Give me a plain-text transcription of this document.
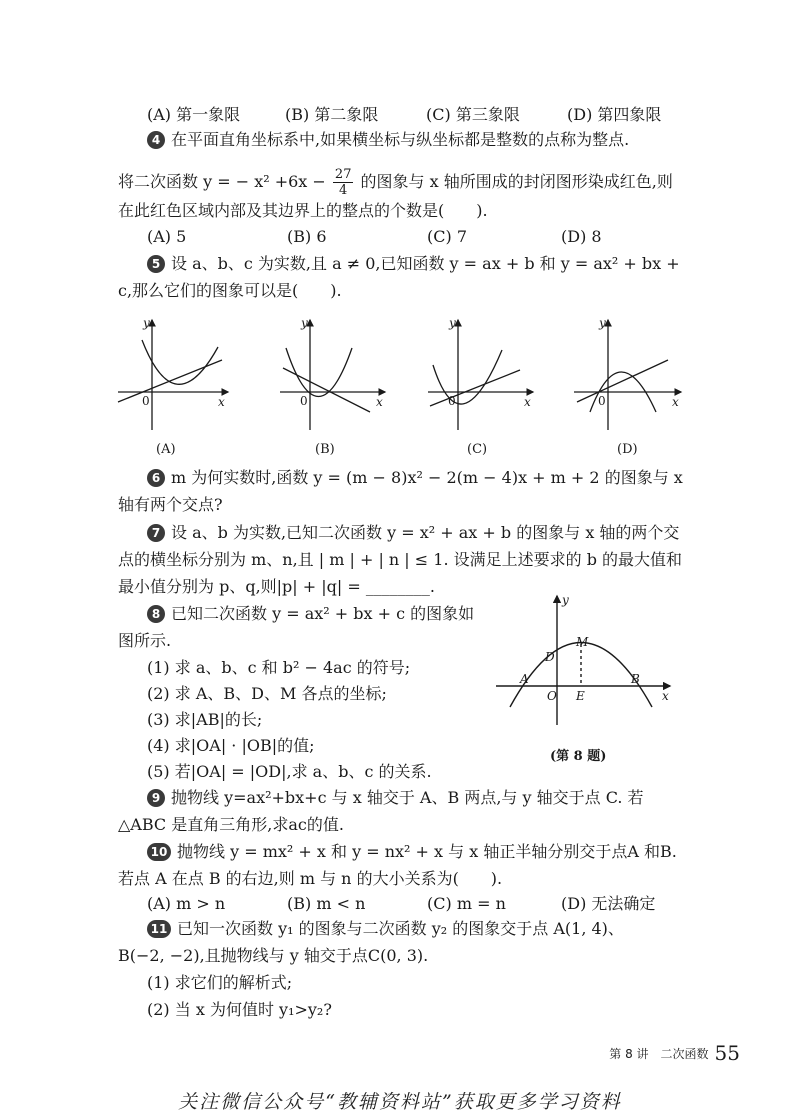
(A) 第一象限	(B) 第二象限	(C) 第三象限	(D) 第四象限
4 在平面直角坐标系中,如果横坐标与纵坐标都是整数的点称为整点.
将二次函数 y = − $x^2 +6x - \frac{27}{4}$ 的图象与 x 轴所围成的封闭图形染成红色,则
在此红色区域内部及其边界上的整点的个数是(　　).
(A) 5	(B) 6	(C) 7	(D) 8
5 设 a、b、c 为实数,且 a ≠ 0,已知函数 y = ax + b 和 y = ax² + bx +
c,那么它们的图象可以是(　　).
y
x
y
x
y
x
y
x
0	0	0	0
(A)	(B)	(C)	(D)
6 m 为何实数时,函数 y = (m − 8)x² − 2(m − 4)x + m + 2 的图象与 x
轴有两个交点?
7 设 a、b 为实数,已知二次函数 y = x² + ax + b 的图象与 x 轴的两个交
点的横坐标分别为 m、n,且 | m | + | n | ≤ 1. 设满足上述要求的 b 的最大值和
最小值分别为 p、q,则|p| + |q| = ________.
8 已知二次函数 y = ax² + bx + c 的图象如
图所示.
(1) 求 a、b、c 和 b² − 4ac 的符号;
(2) 求 A、B、D、M 各点的坐标;
(3) 求|AB|的长;
(4) 求|OA| · |OB|的值;
(5) 若|OA| = |OD|,求 a、b、c 的关系.
y
x
M
D
A	B
O E
(第 8 题)
9 抛物线 y=ax²+bx+c 与 x 轴交于 A、B 两点,与 y 轴交于点 C. 若
△ABC 是直角三角形,求ac的值.
10 抛物线 y = mx² + x 和 y = nx² + x 与 x 轴正半轴分别交于点A 和B.
若点 A 在点 B 的右边,则 m 与 n 的大小关系为(　　).
(A) m > n	(B) m < n	(C) m = n	(D) 无法确定
11 已知一次函数 y₁ 的图象与二次函数 y₂ 的图象交于点 A(1, 4)、
B(−2, −2),且抛物线与 y 轴交于点C(0, 3).
(1) 求它们的解析式;
(2) 当 x 为何值时 y₁>y₂?
第 8 讲　二次函数 55
关注微信公众号“教辅资料站”获取更多学习资料
